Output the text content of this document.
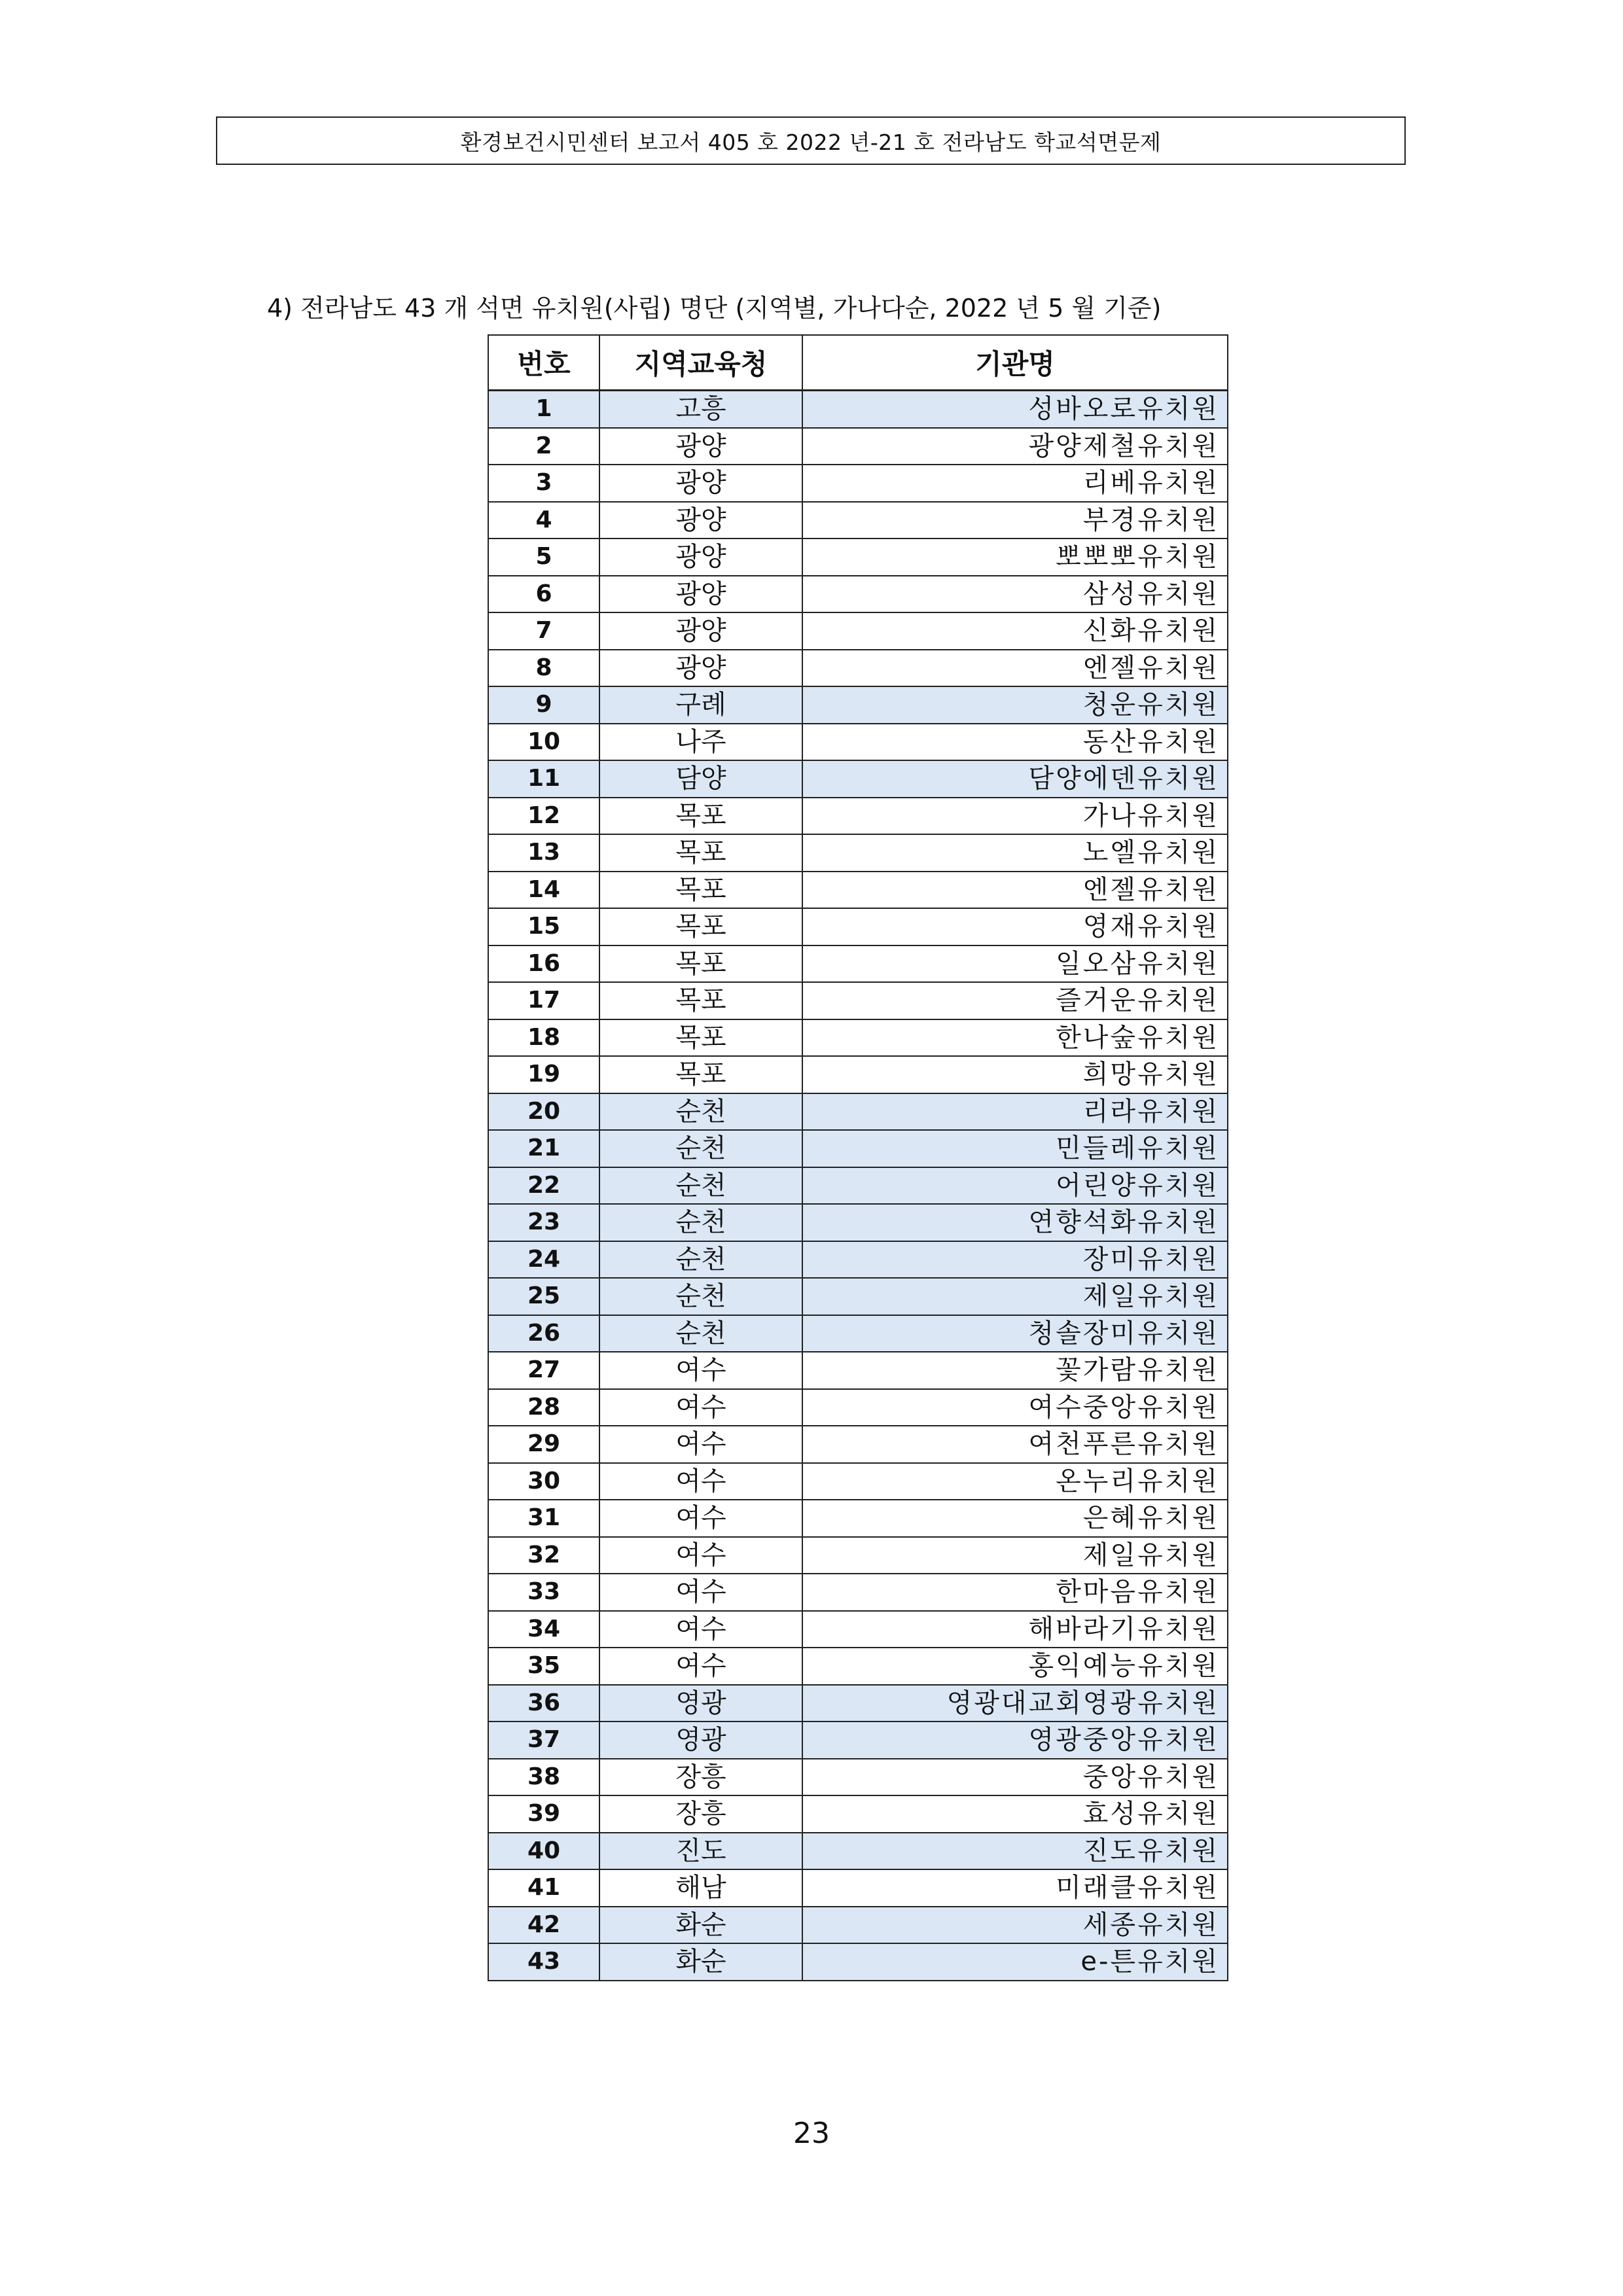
환경보건시민센터 보고서 405 호 2022 년-21 호 전라남도 학교석면문제
4) 전라남도 43 개 석면 유치원(사립) 명단 (지역별, 가나다순, 2022 년 5 월 기준)
번호	지역교육청	기관명
1	고흥	성바오로유치원
2	광양	광양제철유치원
3	광양	리베유치원
4	광양	부경유치원
5	광양	뽀뽀뽀유치원
6	광양	삼성유치원
7	광양	신화유치원
8	광양	엔젤유치원
9	구례	청운유치원
10	나주	동산유치원
11	담양	담양에덴유치원
12	목포	가나유치원
13	목포	노엘유치원
14	목포	엔젤유치원
15	목포	영재유치원
16	목포	일오삼유치원
17	목포	즐거운유치원
18	목포	한나숲유치원
19	목포	희망유치원
20	순천	리라유치원
21	순천	민들레유치원
22	순천	어린양유치원
23	순천	연향석화유치원
24	순천	장미유치원
25	순천	제일유치원
26	순천	청솔장미유치원
27	여수	꽃가람유치원
28	여수	여수중앙유치원
29	여수	여천푸른유치원
30	여수	온누리유치원
31	여수	은혜유치원
32	여수	제일유치원
33	여수	한마음유치원
34	여수	해바라기유치원
35	여수	홍익예능유치원
36	영광	영광대교회영광유치원
37	영광	영광중앙유치원
38	장흥	중앙유치원
39	장흥	효성유치원
40	진도	진도유치원
41	해남	미래클유치원
42	화순	세종유치원
43	화순	e-튼유치원
23
